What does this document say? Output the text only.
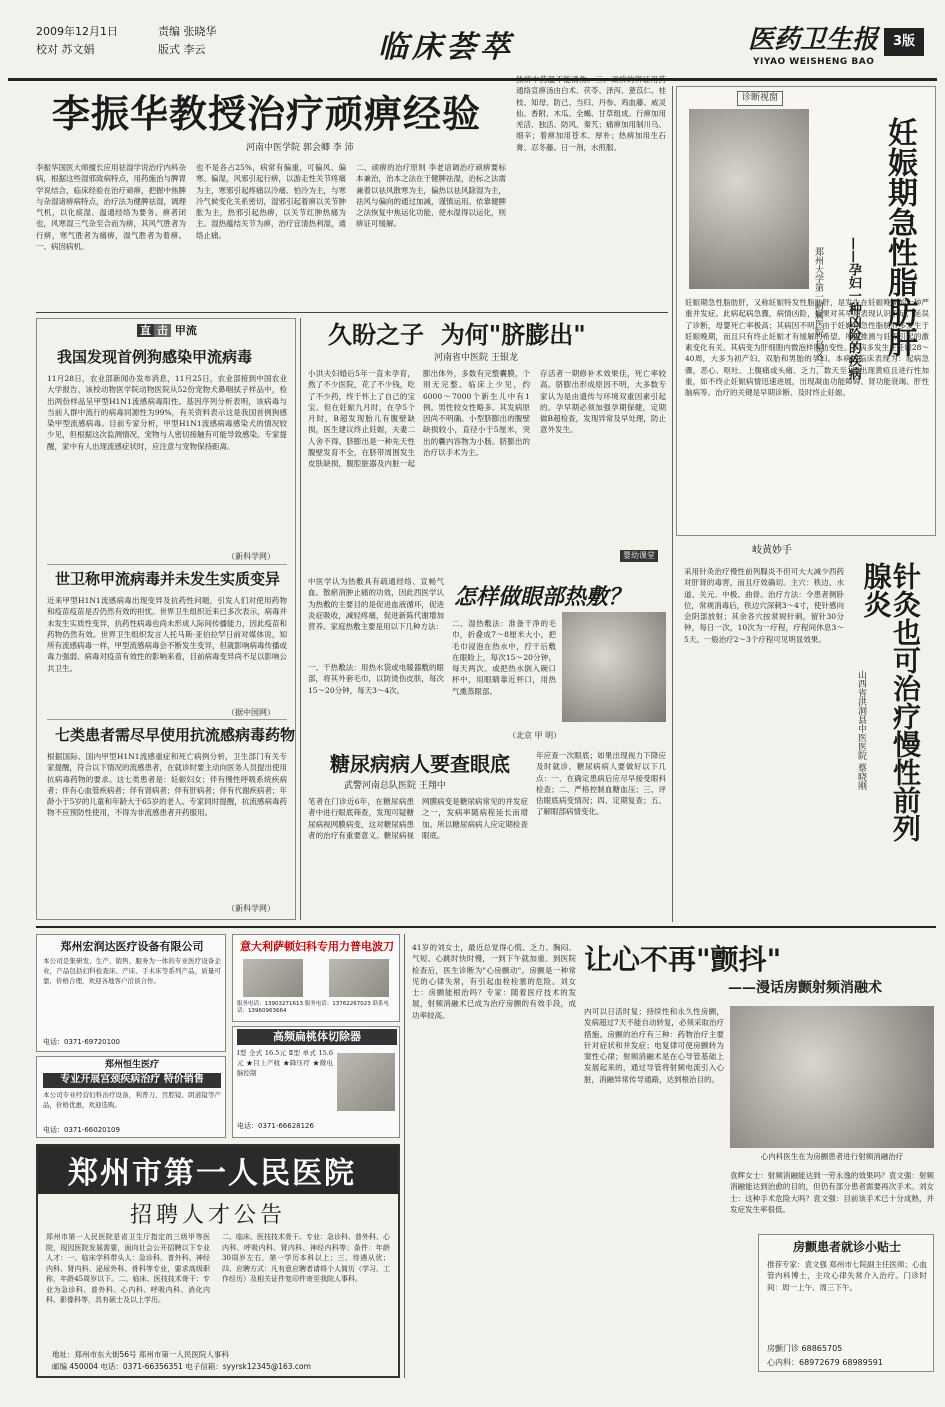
2009年12月1日	责编 张晓华
校对 苏文娟	版式 李云	临床荟萃	医药卫生报
YIYAO WEISHENG BAO
3版
李振华教授治疗顽痹经验
河南中医学院 郭会卿 李 沛
李振华国医大师擅长应用祛湿学说治疗内科杂病，根据这些湿邪致病特点，用药施治与脾胃学说结合，临床经验在治疗顽痹，把握中焦脾与杂湿诸痹病特点，治疗法为健脾祛湿，调理气机，以化痰湿、温通经络为要务。痹者闭也，风寒湿三气杂至合而为痹，其风气胜者为行痹，寒气胜者为痛痹，湿气胜者为着痹。一、病因病机。
也不是各占25%，病常有偏重，可偏风、偏寒、偏湿，风邪引起行痹，以游走性关节疼痛为主，寒邪引起疼痛以冷痛、怕冷为主，与寒冷气候变化关系密切，湿邪引起着痹以关节肿胀为主，热邪引起热痹，以关节红肿热痛为主。湿热蕴结关节为痹，治疗宜清热利湿，通络止痛。
二、顽痹的治疗原则 李老谙调治疗顽痹要标本兼治，治本之法在于健脾祛湿，治标之法需兼着以祛风散寒为主，偏热以祛风除湿为主，祛风与偏向的通过加减，谨慎运用。依靠健脾之法恢复中焦运化功能，使水湿得以运化，则痹证可缓解。
热痹中药温不能清热。三、顽痹的辨证用药 通络宣痹汤由白术、茯苓、泽泻、薏苡仁、桂枝、知母、防己、当归、丹参、鸡血藤、威灵仙、香附、木瓜、全蝎、甘草组成。行痹加用羌活、独活、防风、秦艽；痛痹加用制川乌、细辛；着痹加用苍术、厚朴；热痹加用生石膏、忍冬藤。日一剂，水煎服。
诊断视窗
妊娠期急性脂肪肝
——孕妇一种凶险的疾病
郑州大学第一附属医院 赵文兰
妊娠期急性脂肪肝，又称妊娠特发性脂肪肝，是发生在妊娠晚期的一种严重并发症。此病起病急骤，病情凶险，如果对其早期表现认识不足，延误了诊断，母婴死亡率极高；其病因不明，由于妊娠期急性脂肪肝多发生于妊娠晚期，而且只有终止妊娠才有缓解的希望。所以推测与妊娠引起的激素变化有关。其病变为肝细胞内微泡样脂肪变性。本病多发生在妊娠28～40周，大多为初产妇、双胎和男胎的孕妇。本病的临床表现为：起病急骤，恶心、呕吐、上腹痛或头痛、乏力，数天至1周出现黄疸且进行性加重，如不终止妊娠病情迅速进展，出现凝血功能障碍、肾功能衰竭、肝性脑病等。治疗的关键是早期诊断、及时终止妊娠。
直 击 甲流
我国发现首例狗感染甲流病毒
11月28日，农业部新闻办发布消息，11月25日，农业部接到中国农业大学报告，该校动物医学院动物医院从52份宠物犬鼻咽拭子样品中，检出两份样品呈甲型H1N1流感病毒阳性。基因序列分析表明，该病毒与当前人群中流行的病毒同源性为99%，有关资料表示这是我国首例狗感染甲型流感病毒。目前专家分析，甲型H1N1流感病毒感染犬的情况较少见，但根据这次监测情况，宠物与人密切接触有可能导致感染。专家提醒，家中有人出现流感症状时，应注意与宠物保持距离。
（新科学网）
世卫称甲流病毒并未发生实质变异
近来甲型H1N1流感病毒出现变异及抗药性问题，引发人们对使用药物和疫苗疫苗是否仍然有效的担忧。世界卫生组织近来已多次表示，病毒并未发生实质性变异，抗药性病毒也尚未形成人际间传播能力，因此疫苗和药物仍然有效。世界卫生组织发言人托马斯·亚伯拉罕日前对媒体说，知所有流感病毒一样，甲型流感病毒会不断发生变异，但就影响病毒传播或毒力强弱、病毒对疫苗有效性的影响来看，目前病毒变异尚不足以影响公共卫生。
（据中国网）
七类患者需尽早使用抗流感病毒药物
根据国际、国内甲型H1N1流感重症和死亡病例分析，卫生部门有关专家提醒，符合以下情况的流感患者，在就诊时要主动向医务人员提出使用抗病毒药物的要求。这七类患者是：妊娠妇女；伴有慢性呼吸系统疾病者；伴有心血管疾病者；伴有肾病者；伴有肝病者；伴有代谢疾病者；年龄小于5岁的儿童和年龄大于65岁的老人。专家同时提醒，抗流感病毒药物不应预防性使用，不得为非流感患者开药服用。
（新科学网）
久盼之子  为何"脐膨出"
河南省中医院 王银龙
小洪夫妇婚后5年一直未孕育，熬了不少医院，花了不少钱，吃了不少药，终于怀上了自己的宝宝。但在妊娠九月时，在孕5个月时，B超发现胎儿有腹壁缺损，医生建议终止妊娠，夫妻二人舍不得。脐膨出是一种先天性腹壁发育不全，在脐带周围发生皮肤缺损，腹腔脏器及内脏一起膨出体外，多数有完整囊膜，个别无完整。临床上少见，约6000～7000个新生儿中有1例。男性较女性略多。其发病原因尚不明确。小型脐膨出的腹壁缺损较小，直径小于5厘米，突出的囊内容物为小肠。脐膨出的治疗以手术为主。
存活者一期修补术效果佳，死亡率较高。脐膨出形成原因不明，大多数专家认为是由遗传与环境双重因素引起的。孕早期必须加强孕期保健，定期做B超检查，发现异常及早处理，防止意外发生。
婴幼课堂	岐黄妙手
针灸也可治疗慢性前列腺炎
山西省洪洞县中医医院 蔡晓刚
采用针灸治疗慢性前列腺炎不但可大大减少西药对肝肾的毒害，而且疗效确切。主穴：秩边、水道、关元、中极、曲骨。治疗方法：令患者侧卧位，常规消毒后，秩边穴深刺3～4寸，使针感向会阴部放射；其余各穴按常规针刺，留针30分钟，每日一次，10次为一疗程，疗程间休息3～5天。一般治疗2～3个疗程可见明显效果。
中医学认为热敷具有疏通经络、宣畅气血、散瘀消肿止痛的功效，因此西医学认为热敷的主要目的是促进血液循环，促进炎症吸收，减轻疼痛，促进新陈代谢增加营养。家庭热敷主要是用以下几种方法：
怎样做眼部热敷？
一、干热敷法：用热水袋或电暖器敷的眼部，将其外套毛巾，以防烫伤皮肤，每次15～20分钟，每天3～4次。
二、湿热敷法：准备干净的毛巾，折叠成7～8厘米大小，把毛巾浸泡在热水中，拧干后敷在眼睑上，每次15～20分钟，每天两次。或把热水倒入碗口杯中，用眼睛靠近杯口，用热气熏蒸眼部。
（北京 甲 明）
糖尿病病人要查眼底
武警河南总队医院 王翔中
笔者在门诊近6年，在糖尿病患者中进行眼底筛查，发现可疑糖尿病视网膜病变，这对糖尿病患者的治疗有重要意义。糖尿病视网膜病变是糖尿病常见的并发症之一，发病率随病程延长而增加。所以糖尿病病人应定期检查眼底。
年应查一次眼底；如果出现视力下降应及时就诊。糖尿病病人要做好以下几点：一、在确定患病后应尽早接受眼科检查；二、严格控制血糖血压；三、评估眼底病变情况；四、定期复查；五、了解眼部病情变化。
郑州宏润达医疗设备有限公司
本公司是集研发、生产、销售、服务为一体的专业医疗设备企业，产品包括妇科检查床、产床、手术床等系列产品，质量可靠，价格合理，欢迎各地客户洽谈合作。
电话：0371-69720100
意大利萨顿妇科专用力普电波刀
服务电话：13903271613 服务电话：13762267023 联系电话：13960963664
郑州恒生医疗
专业开展宫颈疾病治疗 特价销售
本公司专业经营妇科治疗设备，利普刀、宫腔镜、阴道镜等产品，价格优惠，欢迎选购。
电话：0371-66020109
高频扁桃体切除器
Ⅰ型 全式 16.5元 Ⅱ型 单式 15.6元 ★目上产收 ★降压疗 ★微电脑控制
电话：0371-66628126
郑州市第一人民医院
招聘人才公告
郑州市第一人民医院是省卫生厅指定的三级甲等医院，现因医院发展需要，面向社会公开招聘以下专业人才：一、临床学科带头人：急诊科、普外科、神经内科、肾内科、泌尿外科、骨科等专业，要求高级职称，年龄45周岁以下。二、临床、医技技术骨干：专业为急诊科、普外科、心内科、呼吸内科、消化内科、影像科等，具有硕士及以上学历。
二、临床、医技技术骨干。专业：急诊科、普外科、心内科、呼吸内科、肾内科、神经内科等；条件：年龄30周岁左右，第一学历本科以上；三、待遇从优；四、应聘方式：凡有意应聘者请将个人简历（学习、工作经历）及相关证件复印件寄至我院人事科。
地址：郑州市东大街56号 郑州市第一人民医院人事科
邮编 450004 电话：0371-66356351 电子信箱：syyrsk12345@163.com
让心不再"颤抖"
——漫话房颤射频消融术
41岁的刘女士，最近总觉得心慌、乏力、胸闷、气短、心跳时快时慢，一到下午就加重。到医院检查后，医生诊断为"心房颤动"。房颤是一种常见的心律失常，有引起血栓栓塞的危险。刘女士：房颤能根治吗？专家：随着医疗技术的发展，射频消融术已成为治疗房颤的有效手段，成功率较高。	内可以日活时复；持续性和永久性房颤，发病超过7天不能自动转复，必须采取治疗措施。房颤的治疗有三种：药物治疗主要针对症状和并发症；电复律可使房颤转为窦性心律；射频消融术是在心导管基础上发展起来的，通过导管将射频电流引入心脏，消融异常传导通路，达到根治目的。
心内科医生在为房颤患者进行射频消融治疗
袁辉女士：射频消融能达到一劳永逸的效果吗？袁文强：射频消融能达到治愈的目的，但仍有部分患者需要再次手术。刘女士：这种手术危险大吗？袁文强：目前该手术已十分成熟，并发症发生率很低。
房颤患者就诊小贴士
推荐专家：袁文强 郑州市七院副主任医师；心血管内科博士，主攻心律失常介入治疗。门诊时间：周一上午、周三下午。
房颤门诊 68865705
心内科：68972679 68989591
